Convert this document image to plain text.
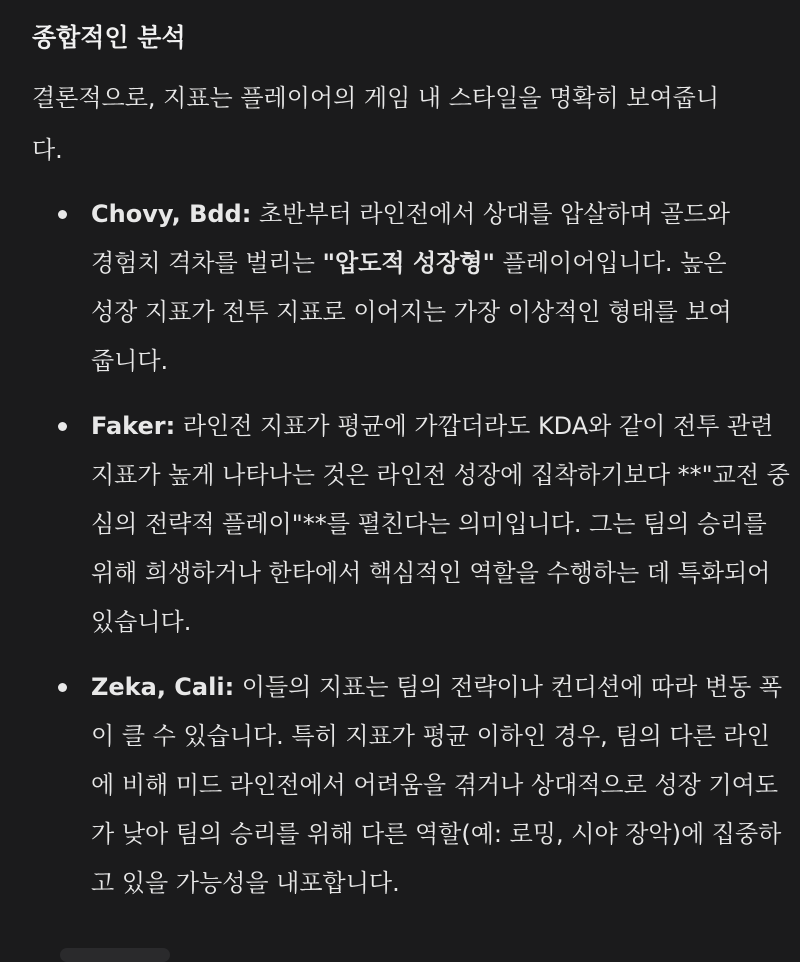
종합적인 분석

결론적으로, 지표는 플레이어의 게임 내 스타일을 명확히 보여줍니다.

Chovy, Bdd: 초반부터 라인전에서 상대를 압살하며 골드와 경험치 격차를 벌리는 "압도적 성장형" 플레이어입니다. 높은 성장 지표가 전투 지표로 이어지는 가장 이상적인 형태를 보여줍니다.
Faker: 라인전 지표가 평균에 가깝더라도 KDA와 같이 전투 관련 지표가 높게 나타나는 것은 라인전 성장에 집착하기보다 **"교전 중심의 전략적 플레이"**를 펼친다는 의미입니다. 그는 팀의 승리를 위해 희생하거나 한타에서 핵심적인 역할을 수행하는 데 특화되어 있습니다.
Zeka, Cali: 이들의 지표는 팀의 전략이나 컨디션에 따라 변동 폭이 클 수 있습니다. 특히 지표가 평균 이하인 경우, 팀의 다른 라인에 비해 미드 라인전에서 어려움을 겪거나 상대적으로 성장 기여도가 낮아 팀의 승리를 위해 다른 역할(예: 로밍, 시야 장악)에 집중하고 있을 가능성을 내포합니다.
